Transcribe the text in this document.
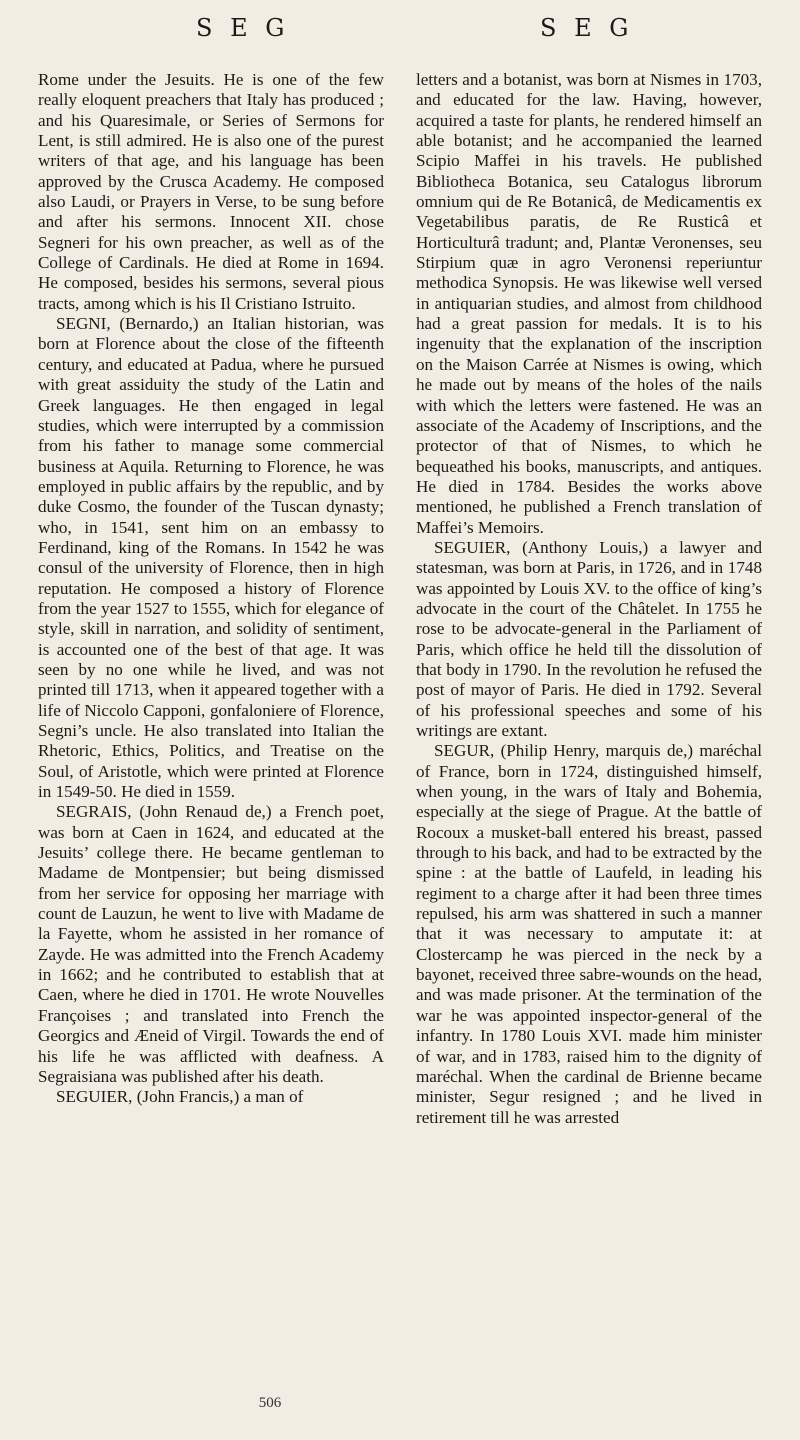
S E G	S E G

Rome under the Jesuits. He is one of the few really eloquent preachers that Italy has produced ; and his Quaresimale, or Series of Sermons for Lent, is still admired. He is also one of the purest writers of that age, and his language has been approved by the Crusca Academy. He composed also Laudi, or Prayers in Verse, to be sung before and after his sermons. Innocent XII. chose Segneri for his own preacher, as well as of the College of Cardinals. He died at Rome in 1694. He composed, besides his sermons, several pious tracts, among which is his Il Cristiano Istruito.

SEGNI, (Bernardo,) an Italian historian, was born at Florence about the close of the fifteenth century, and educated at Padua, where he pursued with great assiduity the study of the Latin and Greek languages. He then engaged in legal studies, which were interrupted by a commission from his father to manage some commercial business at Aquila. Returning to Florence, he was employed in public affairs by the republic, and by duke Cosmo, the founder of the Tuscan dynasty; who, in 1541, sent him on an embassy to Ferdinand, king of the Romans. In 1542 he was consul of the university of Florence, then in high reputation. He composed a history of Florence from the year 1527 to 1555, which for elegance of style, skill in narration, and solidity of sentiment, is accounted one of the best of that age. It was seen by no one while he lived, and was not printed till 1713, when it appeared together with a life of Niccolo Capponi, gonfaloniere of Florence, Segni’s uncle. He also translated into Italian the Rhetoric, Ethics, Politics, and Treatise on the Soul, of Aristotle, which were printed at Florence in 1549-50. He died in 1559.

SEGRAIS, (John Renaud de,) a French poet, was born at Caen in 1624, and educated at the Jesuits’ college there. He became gentleman to Madame de Montpensier; but being dismissed from her service for opposing her marriage with count de Lauzun, he went to live with Madame de la Fayette, whom he assisted in her romance of Zayde. He was admitted into the French Academy in 1662; and he contributed to establish that at Caen, where he died in 1701. He wrote Nouvelles Françoises ; and translated into French the Georgics and Æneid of Virgil. Towards the end of his life he was afflicted with deafness. A Segraisiana was published after his death.

SEGUIER, (John Francis,) a man of

letters and a botanist, was born at Nismes in 1703, and educated for the law. Having, however, acquired a taste for plants, he rendered himself an able botanist; and he accompanied the learned Scipio Maffei in his travels. He published Bibliotheca Botanica, seu Catalogus librorum omnium qui de Re Botanicâ, de Medicamentis ex Vegetabilibus paratis, de Re Rusticâ et Horticulturâ tradunt; and, Plantæ Veronenses, seu Stirpium quæ in agro Veronensi reperiuntur methodica Synopsis. He was likewise well versed in antiquarian studies, and almost from childhood had a great passion for medals. It is to his ingenuity that the explanation of the inscription on the Maison Carrée at Nismes is owing, which he made out by means of the holes of the nails with which the letters were fastened. He was an associate of the Academy of Inscriptions, and the protector of that of Nismes, to which he bequeathed his books, manuscripts, and antiques. He died in 1784. Besides the works above mentioned, he published a French translation of Maffei’s Memoirs.

SEGUIER, (Anthony Louis,) a lawyer and statesman, was born at Paris, in 1726, and in 1748 was appointed by Louis XV. to the office of king’s advocate in the court of the Châtelet. In 1755 he rose to be advocate-general in the Parliament of Paris, which office he held till the dissolution of that body in 1790. In the revolution he refused the post of mayor of Paris. He died in 1792. Several of his professional speeches and some of his writings are extant.

SEGUR, (Philip Henry, marquis de,) maréchal of France, born in 1724, distinguished himself, when young, in the wars of Italy and Bohemia, especially at the siege of Prague. At the battle of Rocoux a musket-ball entered his breast, passed through to his back, and had to be extracted by the spine : at the battle of Laufeld, in leading his regiment to a charge after it had been three times repulsed, his arm was shattered in such a manner that it was necessary to amputate it: at Clostercamp he was pierced in the neck by a bayonet, received three sabre-wounds on the head, and was made prisoner. At the termination of the war he was appointed inspector-general of the infantry. In 1780 Louis XVI. made him minister of war, and in 1783, raised him to the dignity of maréchal. When the cardinal de Brienne became minister, Segur resigned ; and he lived in retirement till he was arrested

506
